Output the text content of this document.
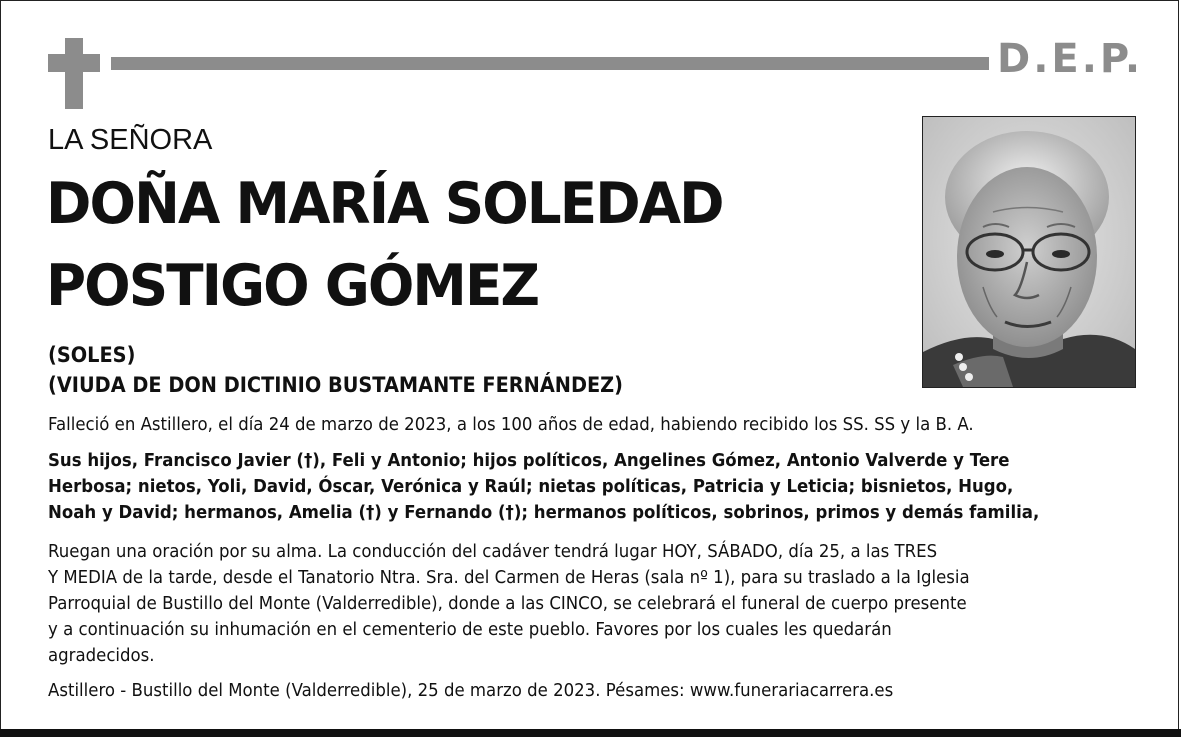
D.E.P.
LA SEÑORA
DOÑA MARÍA SOLEDAD
POSTIGO GÓMEZ
(SOLES)
(VIUDA DE DON DICTINIO BUSTAMANTE FERNÁNDEZ)
Falleció en Astillero, el día 24 de marzo de 2023, a los 100 años de edad, habiendo recibido los SS. SS y la B. A.
Sus hijos, Francisco Javier (†), Feli y Antonio; hijos políticos, Angelines Gómez, Antonio Valverde y Tere
Herbosa; nietos, Yoli, David, Óscar, Verónica y Raúl; nietas políticas, Patricia y Leticia; bisnietos, Hugo,
Noah y David; hermanos, Amelia (†) y Fernando (†); hermanos políticos, sobrinos, primos y demás familia,
Ruegan una oración por su alma. La conducción del cadáver tendrá lugar HOY, SÁBADO, día 25, a las TRES
Y MEDIA de la tarde, desde el Tanatorio Ntra. Sra. del Carmen de Heras (sala nº 1), para su traslado a la Iglesia
Parroquial de Bustillo del Monte (Valderredible), donde a las CINCO, se celebrará el funeral de cuerpo presente
y a continuación su inhumación en el cementerio de este pueblo. Favores por los cuales les quedarán
agradecidos.
Astillero - Bustillo del Monte (Valderredible), 25 de marzo de 2023. Pésames: www.funerariacarrera.es
